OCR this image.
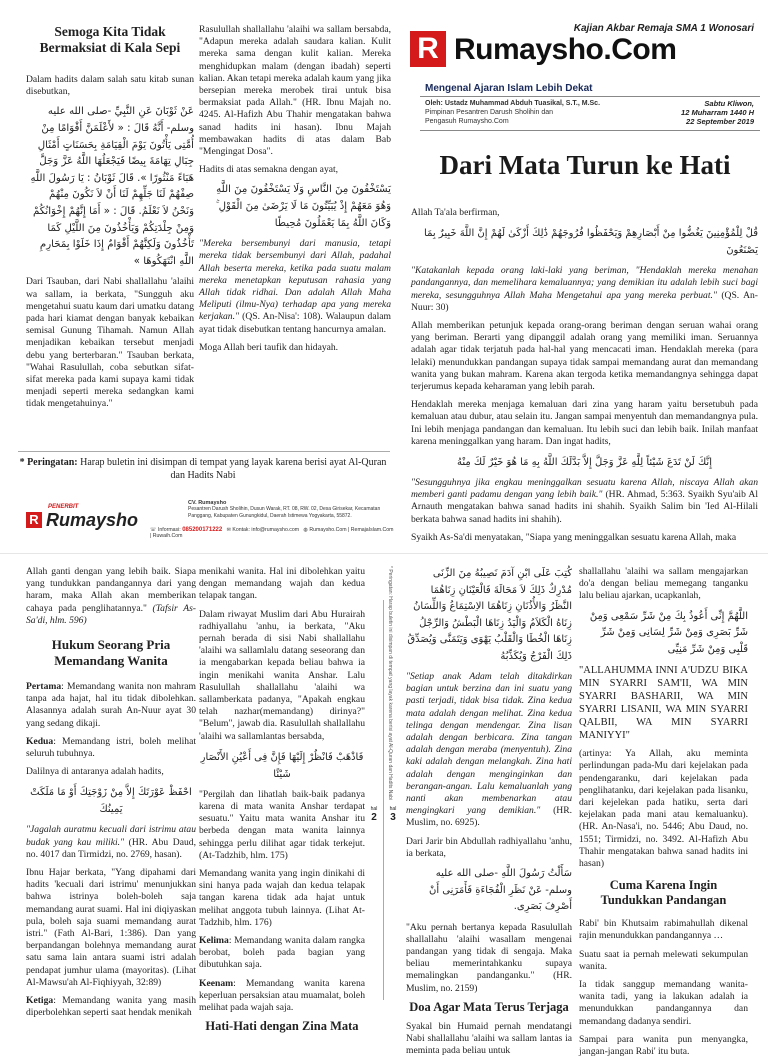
Semoga Kita Tidak
Bermaksiat di Kala Sepi

Dalam hadits dalam salah satu kitab sunan disebutkan,

عَنْ ثَوْبَانَ عَنِ النَّبِيِّ -صلى الله عليه وسلم- أَنَّهُ قَالَ : « لأَعْلَمَنَّ أَقْوَامًا مِنْ أُمَّتِى يَأْتُونَ يَوْمَ الْقِيَامَةِ بِحَسَنَاتٍ أَمْثَالِ جِبَالِ تِهَامَةَ بِيضًا فَيَجْعَلُهَا اللَّهُ عَزَّ وَجَلَّ هَبَاءً مَنْثُورًا ». قَالَ ثَوْبَانُ : يَا رَسُولَ اللَّهِ صِفْهُمْ لَنَا جَلِّهِمْ لَنَا أَنْ لاَ نَكُونَ مِنْهُمْ وَنَحْنُ لاَ نَعْلَمُ. قَالَ : « أَمَا إِنَّهُمْ إِخْوَانُكُمْ وَمِنْ جِلْدَتِكُمْ وَيَأْخُذُونَ مِنَ اللَّيْلِ كَمَا تَأْخُذُونَ وَلَكِنَّهُمْ أَقْوَامٌ إِذَا خَلَوْا بِمَحَارِمِ اللَّهِ انْتَهَكُوهَا »

Dari Tsauban, dari Nabi shallallahu 'alaihi wa sallam, ia berkata, "Sungguh aku mengetahui suatu kaum dari umatku datang pada hari kiamat dengan banyak kebaikan semisal Gunung Tihamah. Namun Allah menjadikan kebaikan tersebut menjadi debu yang berterbaran." Tsauban berkata, "Wahai Rasulullah, coba sebutkan sifat-sifat mereka pada kami supaya kami tidak menjadi seperti mereka sedangkan kami tidak mengetahuinya."

Rasulullah shallallahu 'alaihi wa sallam bersabda, "Adapun mereka adalah saudara kalian. Kulit mereka sama dengan kulit kalian. Mereka menghidupkan malam (dengan ibadah) seperti kalian. Akan tetapi mereka adalah kaum yang jika bersepian mereka merobek tirai untuk bisa bermaksiat pada Allah." (HR. Ibnu Majah no. 4245. Al-Hafizh Abu Thahir mengatakan bahwa sanad hadits ini hasan). Ibnu Majah membawakan hadits di atas dalam Bab "Mengingat Dosa".

Hadits di atas semakna dengan ayat,

يَسْتَخْفُونَ مِنَ النَّاسِ وَلَا يَسْتَخْفُونَ مِنَ اللَّهِ وَهُوَ مَعَهُمْ إِذْ يُبَيِّتُونَ مَا لَا يَرْضَىٰ مِنَ الْقَوْلِ ۚ وَكَانَ اللَّهُ بِمَا يَعْمَلُونَ مُحِيطًا

"Mereka bersembunyi dari manusia, tetapi mereka tidak bersembunyi dari Allah, padahal Allah beserta mereka, ketika pada suatu malam mereka menetapkan keputusan rahasia yang Allah tidak ridhai. Dan adalah Allah Maha Meliputi (ilmu-Nya) terhadap apa yang mereka kerjakan." (QS. An-Nisa': 108). Walaupun dalam ayat tidak disebutkan tentang hancurnya amalan.

Moga Allah beri taufik dan hidayah.

* Peringatan: Harap buletin ini disimpan di tempat yang layak karena berisi ayat Al-Quran dan Hadits Nabi
PENERBIT
R Rumaysho
CV. Rumaysho
Pesantren Darush Sholihin, Dusun Warak, RT. 08, RW. 02, Desa Girisekar, Kecamatan Panggang, Kabupaten Gunungkidul, Daerah Istimewa Yogyakarta, 55872.
☏ Informasi: 085200171222 ✉ Kontak: info@rumaysho.com ◍ Rumaysho.Com | RemajaIslam.Com | Ruwaih.Com
Kajian Akbar Remaja SMA 1 Wonosari
R Rumaysho.Com
Mengenal Ajaran Islam Lebih Dekat
Oleh: Ustadz Muhammad Abduh Tuasikal, S.T., M.Sc.
Pimpinan Pesantren Darush Sholihin dan
Pengasuh Rumaysho.Com
Sabtu Kliwon,
12 Muharram 1440 H
22 September 2019
Dari Mata Turun ke Hati

Allah Ta'ala berfirman,

قُلْ لِلْمُؤْمِنِينَ يَغُضُّوا مِنْ أَبْصَارِهِمْ وَيَحْفَظُوا فُرُوجَهُمْ ذَٰلِكَ أَزْكَىٰ لَهُمْ إِنَّ اللَّهَ خَبِيرٌ بِمَا يَصْنَعُونَ

"Katakanlah kepada orang laki-laki yang beriman, "Hendaklah mereka menahan pandangannya, dan memelihara kemaluannya; yang demikian itu adalah lebih suci bagi mereka, sesungguhnya Allah Maha Mengetahui apa yang mereka perbuat." (QS. An-Nuur: 30)

Allah memberikan petunjuk kepada orang-orang beriman dengan seruan wahai orang yang beriman. Berarti yang dipanggil adalah orang yang memiliki iman. Seruannya adalah agar tidak terjatuh pada hal-hal yang mencacati iman. Hendaklah mereka (para lelaki) menundukkan pandangan supaya tidak sampai memandang aurat dan memandang wanita yang bukan mahram. Karena akan tergoda ketika memandangnya sehingga dapat terjerumus kepada keharaman yang lebih parah.

Hendaklah mereka menjaga kemaluan dari zina yang haram yaitu bersetubuh pada kemaluan atau dubur, atau selain itu. Jangan sampai menyentuh dan memandangnya pula. Ini lebih menjaga pandangan dan kemaluan. Itu lebih suci dan lebih baik. Inilah manfaat karena meninggalkan yang haram. Dan ingat hadits,

إِنَّكَ لَنْ تَدَعَ شَيْئاً لِلَّهِ عَزَّ وَجَلَّ إِلاَّ بَدَّلَكَ اللَّهُ بِهِ مَا هُوَ خَيْرٌ لَكَ مِنْهُ

"Sesungguhnya jika engkau meninggalkan sesuatu karena Allah, niscaya Allah akan memberi ganti padamu dengan yang lebih baik." (HR. Ahmad, 5:363. Syaikh Syu'aib Al Arnauth mengatakan bahwa sanad hadits ini shahih. Syaikh Salim bin 'Ied Al-Hilali berkata bahwa sanad hadits ini shahih).

Syaikh As-Sa'di menyatakan, "Siapa yang meninggalkan sesuatu karena Allah, maka

Allah ganti dengan yang lebih baik. Siapa yang tundukkan pandangannya dari yang haram, maka Allah akan memberikan cahaya pada penglihatannya." (Tafsir As-Sa'di, hlm. 596)

Hukum Seorang Pria
Memandang Wanita

Pertama: Memandang wanita non mahram tanpa ada hajat, hal itu tidak dibolehkan. Alasannya adalah surah An-Nuur ayat 30 yang sedang dikaji.

Kedua: Memandang istri, boleh melihat seluruh tubuhnya.

Dalilnya di antaranya adalah hadits,

احْفَظْ عَوْرَتَكَ إِلاَّ مِنْ زَوْجَتِكَ أَوْ مَا مَلَكَتْ يَمِينُكَ

"Jagalah auratmu kecuali dari istrimu atau budak yang kau miliki." (HR. Abu Daud, no. 4017 dan Tirmidzi, no. 2769, hasan).

Ibnu Hajar berkata, "Yang dipahami dari hadits 'kecuali dari istrimu' menunjukkan bahwa istrinya boleh-boleh saja memandang aurat suami. Hal ini diqiyaskan pula, boleh saja suami memandang aurat istri." (Fath Al-Bari, 1:386). Dan yang berpandangan bolehnya memandang aurat satu sama lain antara suami istri adalah pendapat jumhur ulama (mayoritas). (Lihat Al-Mawsu'ah Al-Fiqhiyyah, 32:89)

Ketiga: Memandang wanita yang masih diperbolehkan seperti saat hendak menikah

menikahi wanita. Hal ini dibolehkan yaitu dengan memandang wajah dan kedua telapak tangan.

Dalam riwayat Muslim dari Abu Hurairah radhiyallahu 'anhu, ia berkata, "Aku pernah berada di sisi Nabi shallallahu 'alaihi wa sallamlalu datang seseorang dan ia mengabarkan kepada beliau bahwa ia ingin menikahi wanita Anshar. Lalu Rasulullah shallallahu 'alaihi wa sallamberkata padanya, "Apakah engkau telah nazhar(memandang) dirinya?" "Belum", jawab dia. Rasulullah shallallahu 'alaihi wa sallamlantas bersabda,

فَاذْهَبْ فَانْظُرْ إِلَيْهَا فَإِنَّ فِى أَعْيُنِ الأَنْصَارِ شَيْئًا

"Pergilah dan lihatlah baik-baik padanya karena di mata wanita Anshar terdapat sesuatu." Yaitu mata wanita Anshar itu berbeda dengan mata wanita lainnya sehingga perlu dilihat agar tidak terkejut. (At-Tadzhib, hlm. 175)

Memandang wanita yang ingin dinikahi di sini hanya pada wajah dan kedua telapak tangan karena tidak ada hajat untuk melihat anggota tubuh lainnya. (Lihat At-Tadzhib, hlm. 176)

Kelima: Memandang wanita dalam rangka berobat, boleh pada bagian yang dibutuhkan saja.

Keenam: Memandang wanita karena keperluan persaksian atau muamalat, boleh melihat pada wajah saja.

Hati-Hati dengan Zina Mata
* Peringatan: Harap buletin ini disimpan di tempat yang layak karena berisi ayat Al-Quran dan Hadits Nabi
hal
2
hal
3

كُتِبَ عَلَى ابْنِ آدَمَ نَصِيبُهُ مِنَ الزِّنَى مُدْرِكٌ ذَلِكَ لاَ مَحَالَةَ فَالْعَيْنَانِ زِنَاهُمَا النَّظَرُ وَالأُذُنَانِ زِنَاهُمَا الاِسْتِمَاعُ وَاللِّسَانُ زِنَاهُ الْكَلاَمُ وَالْيَدُ زِنَاهَا الْبَطْشُ وَالرِّجْلُ زِنَاهَا الْخُطَا وَالْقَلْبُ يَهْوَى وَيَتَمَنَّى وَيُصَدِّقُ ذَلِكَ الْفَرْجُ وَيُكَذِّبُهُ

"Setiap anak Adam telah ditakdirkan bagian untuk berzina dan ini suatu yang pasti terjadi, tidak bisa tidak. Zina kedua mata adalah dengan melihat. Zina kedua telinga dengan mendengar. Zina lisan adalah dengan berbicara. Zina tangan adalah dengan meraba (menyentuh). Zina kaki adalah dengan melangkah. Zina hati adalah dengan menginginkan dan berangan-angan. Lalu kemaluanlah yang nanti akan membenarkan atau mengingkari yang demikian." (HR. Muslim, no. 6925).

Dari Jarir bin Abdullah radhiyallahu 'anhu, ia berkata,

سَأَلْتُ رَسُولَ اللَّهِ -صلى الله عليه وسلم- عَنْ نَظَرِ الْفُجَاءَةِ فَأَمَرَنِى أَنْ أَصْرِفَ بَصَرِى.

"Aku pernah bertanya kepada Rasulullah shallallahu 'alaihi wasallam mengenai pandangan yang tidak di sengaja. Maka beliau memerintahkanku supaya memalingkan pandanganku." (HR. Muslim, no. 2159)

Doa Agar Mata Terus Terjaga

Syakal bin Humaid pernah mendatangi Nabi shallallahu 'alaihi wa sallam lantas ia meminta pada beliau untuk

shallallahu 'alaihi wa sallam mengajarkan do'a dengan beliau memegang tanganku lalu beliau ajarkan, ucapkanlah,

اللَّهُمَّ إِنِّى أَعُوذُ بِكَ مِنْ شَرِّ سَمْعِى وَمِنْ شَرِّ بَصَرِى وَمِنْ شَرِّ لِسَانِى وَمِنْ شَرِّ قَلْبِى وَمِنْ شَرِّ مَنِيِّى

"ALLAHUMMA INNI A'UDZU BIKA MIN SYARRI SAM'II, WA MIN SYARRI BASHARII, WA MIN SYARRI LISANII, WA MIN SYARRI QALBII, WA MIN SYARRI MANIYYI"

(artinya: Ya Allah, aku meminta perlindungan pada-Mu dari kejelakan pada pendengaranku, dari kejelakan pada penglihatanku, dari kejelakan pada lisanku, dari kejelekan pada hatiku, serta dari kejelakan pada mani atau kemaluanku). (HR. An-Nasa'i, no. 5446; Abu Daud, no. 1551; Tirmidzi, no. 3492. Al-Hafizh Abu Thahir mengatakan bahwa sanad hadits ini hasan)

Cuma Karena Ingin
Tundukkan Pandangan

Rabi' bin Khutsaim rabimahullah dikenal rajin menundukkan pandangannya …

Suatu saat ia pernah melewati sekumpulan wanita.

Ia tidak sanggup memandang wanita-wanita tadi, yang ia lakukan adalah ia menundukkan pandangannya dan memandang dadanya sendiri.

Sampai para wanita pun menyangka, jangan-jangan Rabi' itu buta.
